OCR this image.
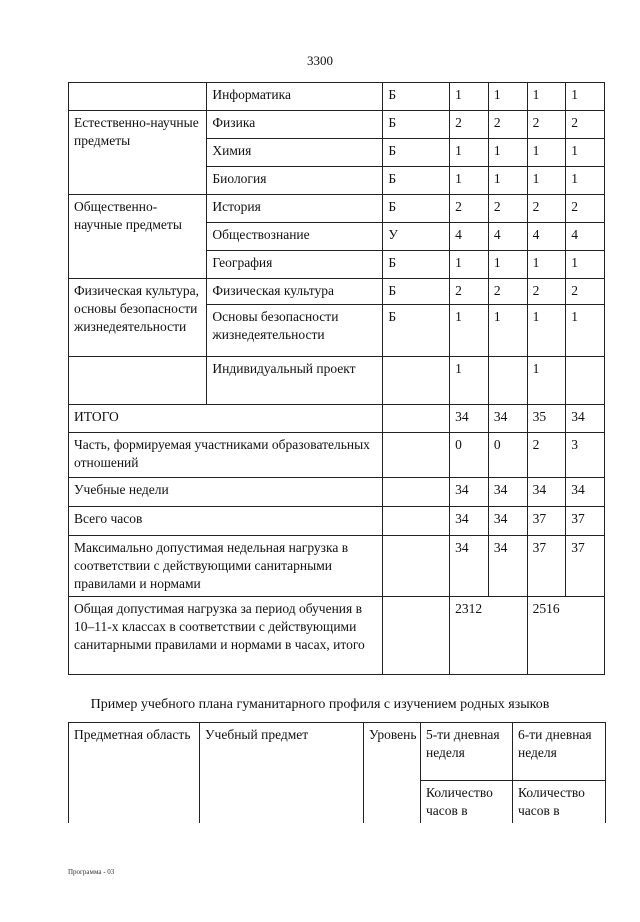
3300
	Информатика	Б	1	1	1	1
Естественно-научные предметы	Физика	Б	2	2	2	2
	Химия	Б	1	1	1	1
	Биология	Б	1	1	1	1
Общественно-научные предметы	История	Б	2	2	2	2
	Обществознание	У	4	4	4	4
	География	Б	1	1	1	1
Физическая культура, основы безопасности жизнедеятельности	Физическая культура	Б	2	2	2	2
	Основы безопасности жизнедеятельности	Б	1	1	1	1
	Индивидуальный проект		1		1	
ИТОГО			34	34	35	34
Часть, формируемая участниками образовательных отношений			0	0	2	3
Учебные недели			34	34	34	34
Всего часов			34	34	37	37
Максимально допустимая недельная нагрузка в соответствии с действующими санитарными правилами и нормами			34	34	37	37
Общая допустимая нагрузка за период обучения в 10–11-х классах в соответствии с действующими санитарными правилами и нормами в часах, итого			2312		2516	
Пример учебного плана гуманитарного профиля с изучением родных языков
Предметная область	Учебный предмет	Уровень	5-ти дневная неделя	6-ти дневная неделя
			Количество часов в	Количество часов в
Программа - 03
